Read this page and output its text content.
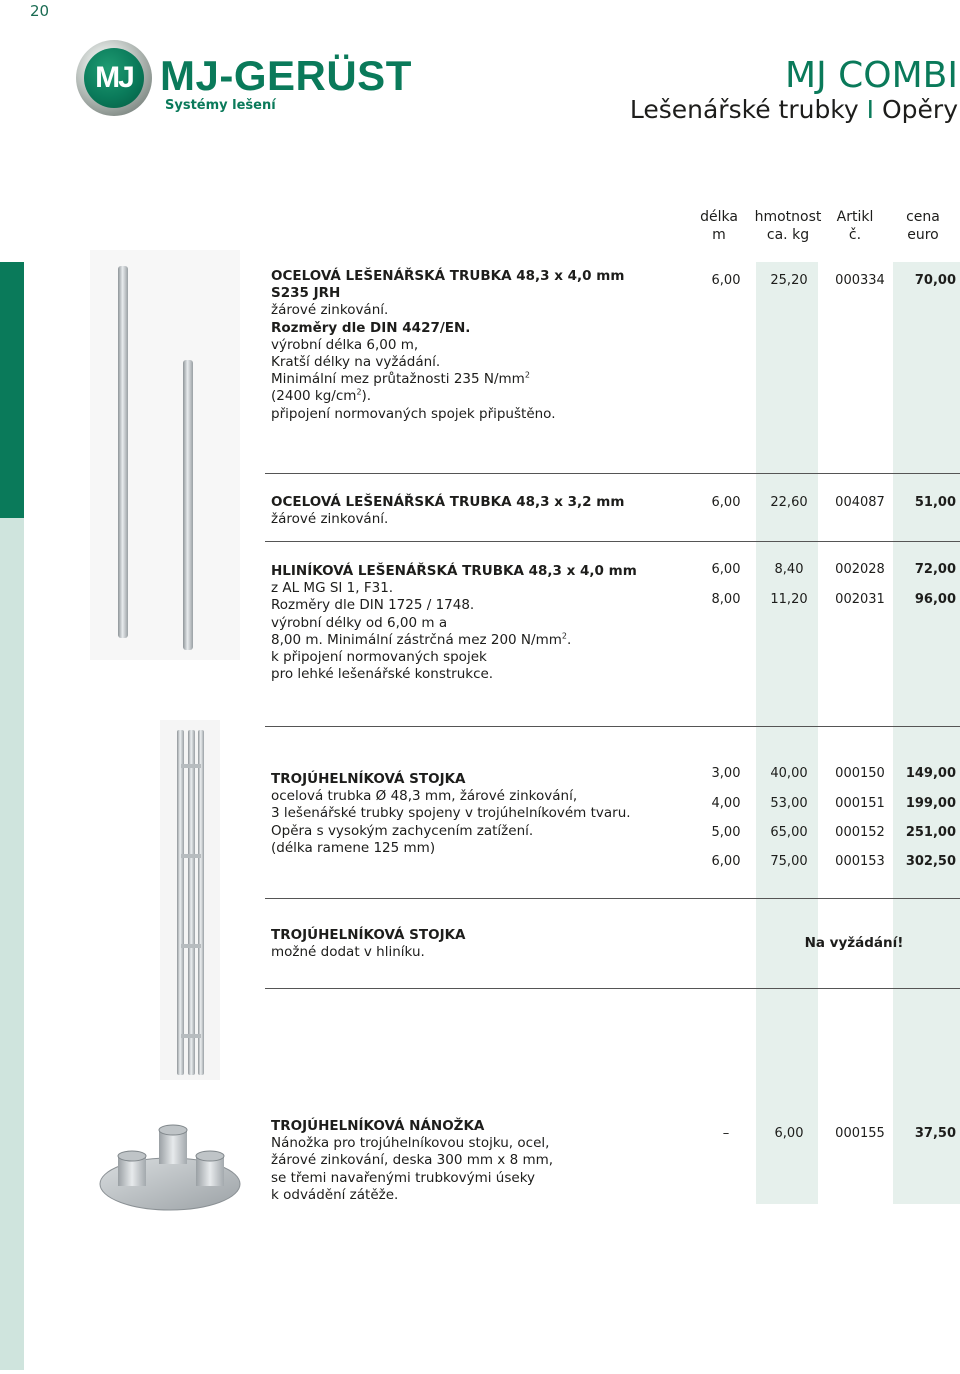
20
MJ MJ-GERÜST
Systémy lešení
MJ COMBI
Lešenářské trubky I Opěry
délka
m
hmotnost
ca. kg
Artikl
č.
cena
euro
OCELOVÁ LEŠENÁŘSKÁ TRUBKA 48,3 x 4,0 mm
S235 JRH
žárové zinkování.
Rozměry dle DIN 4427/EN.
výrobní délka 6,00 m,
Kratší délky na vyžádání.
Minimální mez průtažnosti 235 $N/mm^2$
(2400 $kg/cm^2$).
připojení normovaných spojek připuštěno.
6,00	25,20	000334	70,00
OCELOVÁ LEŠENÁŘSKÁ TRUBKA 48,3 x 3,2 mm
žárové zinkování.
6,00	22,60	004087	51,00
HLINÍKOVÁ LEŠENÁŘSKÁ TRUBKA 48,3 x 4,0 mm
z AL MG SI 1, F31.
Rozměry dle DIN 1725 / 1748.
výrobní délky od 6,00 m a
8,00 m. Minimální zástrčná mez 200 $N/mm^2$.
k připojení normovaných spojek
pro lehké lešenářské konstrukce.
6,00	8,40	002028	72,00
8,00	11,20	002031	96,00
TROJÚHELNÍKOVÁ STOJKA
ocelová trubka Ø 48,3 mm, žárové zinkování,
3 lešenářské trubky spojeny v trojúhelníkovém tvaru.
Opěra s vysokým zachycením zatížení.
(délka ramene 125 mm)
3,00	40,00	000150	149,00
4,00	53,00	000151	199,00
5,00	65,00	000152	251,00
6,00	75,00	000153	302,50
TROJÚHELNÍKOVÁ STOJKA
možné dodat v hliníku.
Na vyžádání!
TROJÚHELNÍKOVÁ NÁNOŽKA
Nánožka pro trojúhelníkovou stojku, ocel,
žárové zinkování, deska 300 mm x 8 mm,
se třemi navařenými trubkovými úseky
k odvádění zátěže.
–	6,00	000155	37,50
